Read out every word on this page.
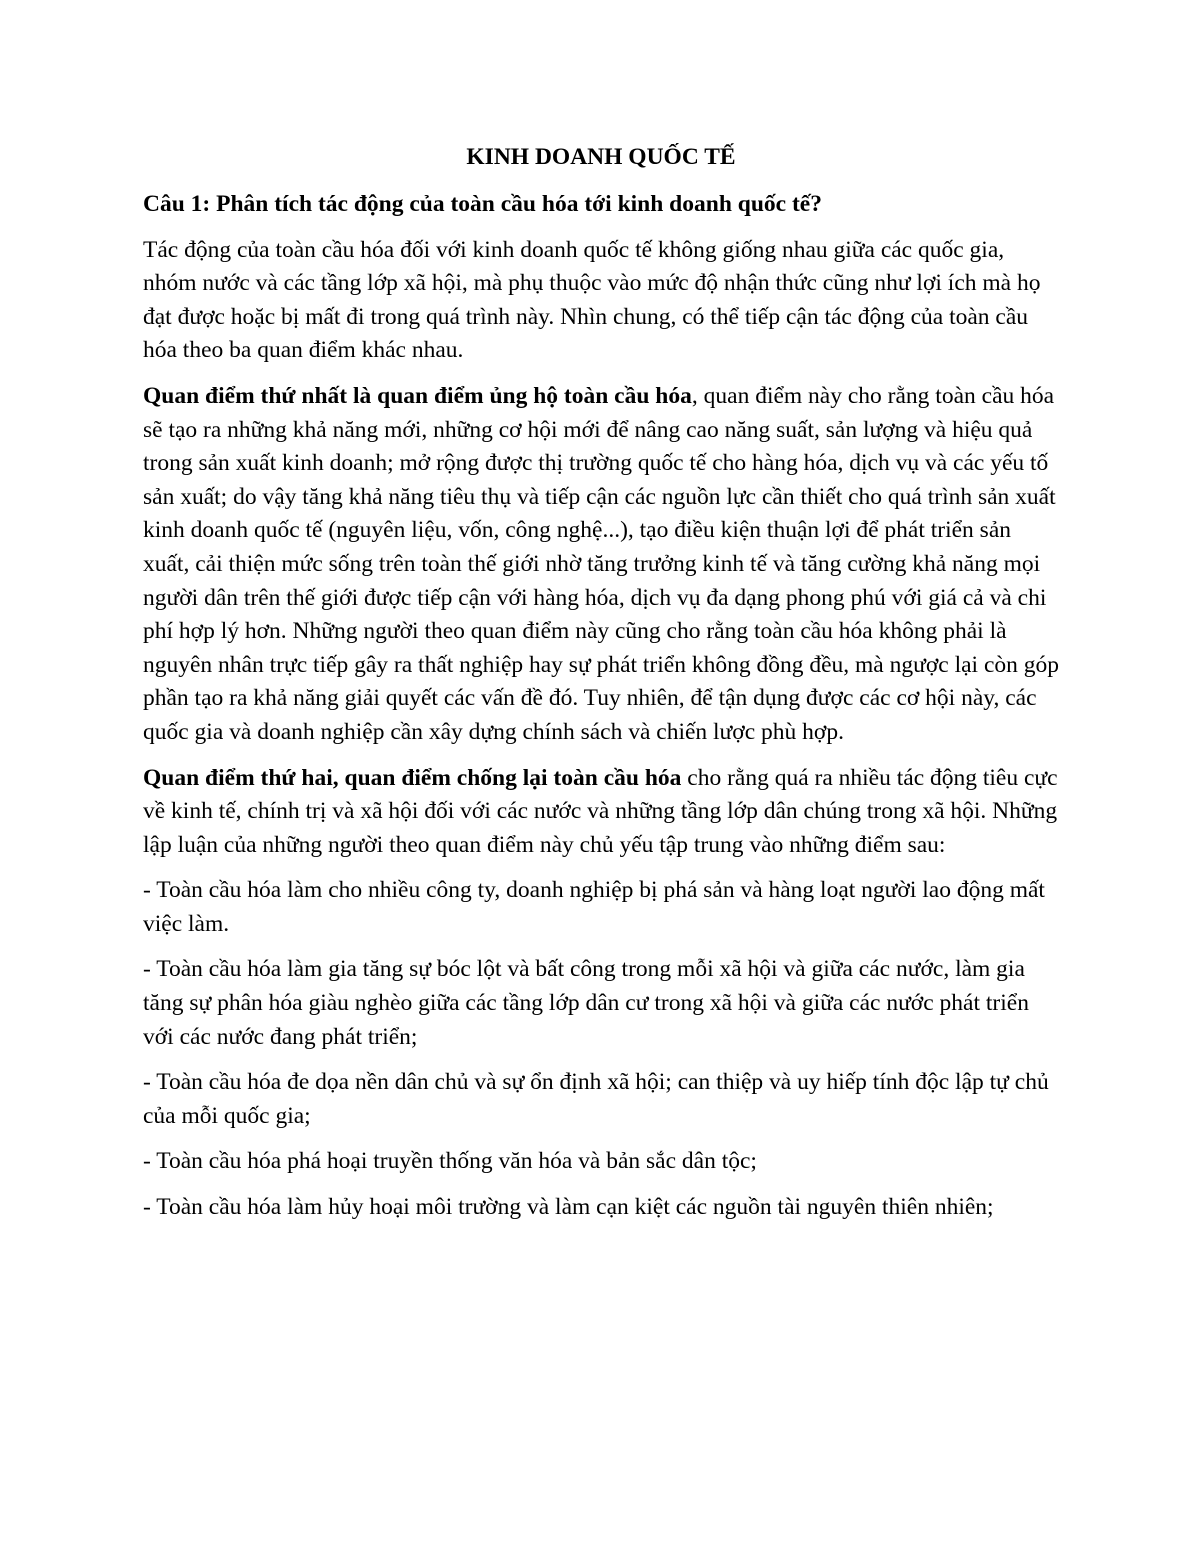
KINH DOANH QUỐC TẾ
Câu 1: Phân tích tác động của toàn cầu hóa tới kinh doanh quốc tế?
Tác động của toàn cầu hóa đối với kinh doanh quốc tế không giống nhau giữa các quốc gia, nhóm nước và các tầng lớp xã hội, mà phụ thuộc vào mức độ nhận thức cũng như lợi ích mà họ đạt được hoặc bị mất đi trong quá trình này. Nhìn chung, có thể tiếp cận tác động của toàn cầu hóa theo ba quan điểm khác nhau.
Quan điểm thứ nhất là quan điểm ủng hộ toàn cầu hóa, quan điểm này cho rằng toàn cầu hóa sẽ tạo ra những khả năng mới, những cơ hội mới để nâng cao năng suất, sản lượng và hiệu quả trong sản xuất kinh doanh; mở rộng được thị trường quốc tế cho hàng hóa, dịch vụ và các yếu tố sản xuất; do vậy tăng khả năng tiêu thụ và tiếp cận các nguồn lực cần thiết cho quá trình sản xuất kinh doanh quốc tế (nguyên liệu, vốn, công nghệ...), tạo điều kiện thuận lợi để phát triển sản xuất, cải thiện mức sống trên toàn thế giới nhờ tăng trưởng kinh tế và tăng cường khả năng mọi người dân trên thế giới được tiếp cận với hàng hóa, dịch vụ đa dạng phong phú với giá cả và chi phí hợp lý hơn. Những người theo quan điểm này cũng cho rằng toàn cầu hóa không phải là nguyên nhân trực tiếp gây ra thất nghiệp hay sự phát triển không đồng đều, mà ngược lại còn góp phần tạo ra khả năng giải quyết các vấn đề đó. Tuy nhiên, để tận dụng được các cơ hội này, các quốc gia và doanh nghiệp cần xây dựng chính sách và chiến lược phù hợp.
Quan điểm thứ hai, quan điểm chống lại toàn cầu hóa cho rằng quá ra nhiều tác động tiêu cực về kinh tế, chính trị và xã hội đối với các nước và những tầng lớp dân chúng trong xã hội. Những lập luận của những người theo quan điểm này chủ yếu tập trung vào những điểm sau:
- Toàn cầu hóa làm cho nhiều công ty, doanh nghiệp bị phá sản và hàng loạt người lao động mất việc làm.
- Toàn cầu hóa làm gia tăng sự bóc lột và bất công trong mỗi xã hội và giữa các nước, làm gia tăng sự phân hóa giàu nghèo giữa các tầng lớp dân cư trong xã hội và giữa các nước phát triển với các nước đang phát triển;
- Toàn cầu hóa đe dọa nền dân chủ và sự ổn định xã hội; can thiệp và uy hiếp tính độc lập tự chủ của mỗi quốc gia;
- Toàn cầu hóa phá hoại truyền thống văn hóa và bản sắc dân tộc;
- Toàn cầu hóa làm hủy hoại môi trường và làm cạn kiệt các nguồn tài nguyên thiên nhiên;
